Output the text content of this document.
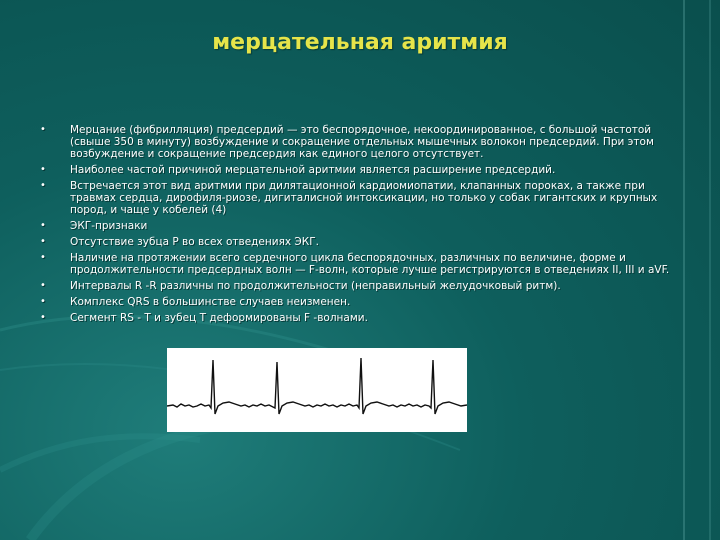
мерцательная аритмия
• Мерцание (фибрилляция) предсердий — это беспорядочное, некоординированное, с большой частотой (свыше 350 в минуту) возбуждение и сокращение отдельных мышечных волокон предсердий. При этом возбуждение и сокращение предсердия как единого целого отсутствует.
• Наиболее частой причиной мерцательной аритмии является расширение предсердий.
• Встречается этот вид аритмии при дилятационной кардиомиопатии, клапанных пороках, а также при травмах сердца, дирофиля-риозе, дигиталисной интоксикации, но только у собак гигантских и крупных пород, и чаще у кобелей (4)
• ЭКГ-признаки
• Отсутствие зубца Р во всех отведениях ЭКГ.
• Наличие на протяжении всего сердечного цикла беспорядочных, различных по величине, форме и продолжительности предсердных волн — F-волн, которые лучше регистрируются в отведениях II, III и aVF.
• Интервалы R -R различны по продолжительности (неправильный желудочковый ритм).
• Комплекс QRS в большинстве случаев неизменен.
• Сегмент RS - Т и зубец Т деформированы F -волнами.
